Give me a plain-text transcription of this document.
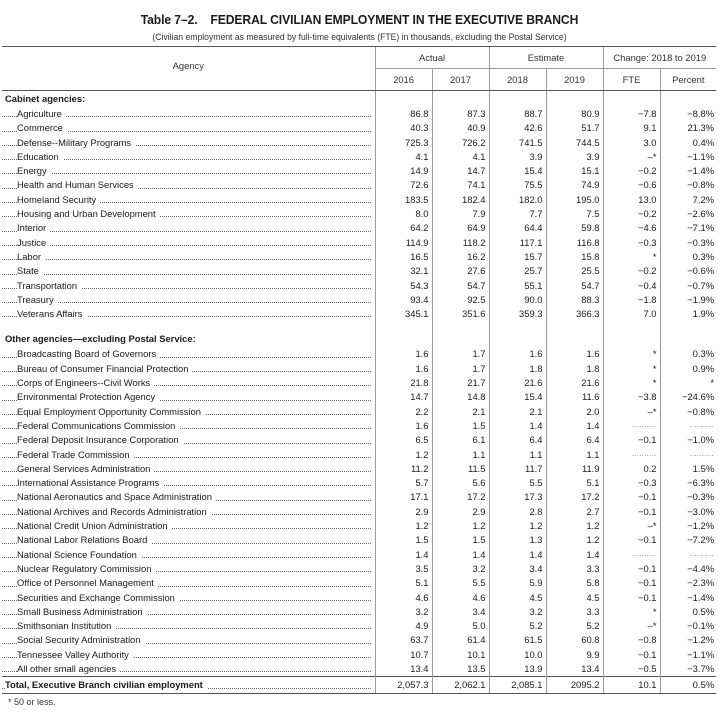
Table 7–2. FEDERAL CIVILIAN EMPLOYMENT IN THE EXECUTIVE BRANCH
(Civilian employment as measured by full-time equivalents (FTE) in thousands, excluding the Postal Service)
Agency	Actual		Estimate		Change: 2018 to 2019	
	2016	2017	2018	2019	FTE	Percent
Cabinet agencies:						

Agriculture	86.8	87.3	88.7	80.9	−7.8	−8.8%

Commerce	40.3	40.9	42.6	51.7	9.1	21.3%

Defense--Military Programs	725.3	726.2	741.5	744.5	3.0	0.4%

Education	4.1	4.1	3.9	3.9	–*	−1.1%

Energy	14.9	14.7	15.4	15.1	−0.2	−1.4%

Health and Human Services	72.6	74.1	75.5	74.9	−0.6	−0.8%

Homeland Security	183.5	182.4	182.0	195.0	13.0	7.2%

Housing and Urban Development	8.0	7.9	7.7	7.5	−0.2	−2.6%

Interior	64.2	64.9	64.4	59.8	−4.6	−7.1%

Justice	114.9	118.2	117.1	116.8	−0.3	−0.3%

Labor	16.5	16.2	15.7	15.8	*	0.3%

State	32.1	27.6	25.7	25.5	−0.2	−0.6%

Transportation	54.3	54.7	55.1	54.7	−0.4	−0.7%

Treasury	93.4	92.5	90.0	88.3	−1.8	−1.9%

Veterans Affairs	345.1	351.6	359.3	366.3	7.0	1.9%

Other agencies—excluding Postal Service:						

Broadcasting Board of Governors	1.6	1.7	1.6	1.6	*	0.3%

Bureau of Consumer Financial Protection	1.6	1.7	1.8	1.8	*	0.9%

Corps of Engineers--Civil Works	21.8	21.7	21.6	21.6	*	*

Environmental Protection Agency	14.7	14.8	15.4	11.6	−3.8	−24.6%

Equal Employment Opportunity Commission	2.2	2.1	2.1	2.0	–*	−0.8%

Federal Communications Commission	1.6	1.5	1.4	1.4	..........	..........

Federal Deposit Insurance Corporation	6.5	6.1	6.4	6.4	−0.1	−1.0%

Federal Trade Commission	1.2	1.1	1.1	1.1	..........	..........

General Services Administration	11.2	11.5	11.7	11.9	0.2	1.5%

International Assistance Programs	5.7	5.6	5.5	5.1	−0.3	−6.3%

National Aeronautics and Space Administration	17.1	17.2	17.3	17.2	−0.1	−0.3%

National Archives and Records Administration	2.9	2.9	2.8	2.7	−0.1	−3.0%

National Credit Union Administration	1.2	1.2	1.2	1.2	–*	−1.2%

National Labor Relations Board	1.5	1.5	1.3	1.2	−0.1	−7.2%

National Science Foundation	1.4	1.4	1.4	1.4	..........	..........

Nuclear Regulatory Commission	3.5	3.2	3.4	3.3	−0.1	−4.4%

Office of Personnel Management	5.1	5.5	5.9	5.8	−0.1	−2.3%

Securities and Exchange Commission	4.6	4.6	4.5	4.5	−0.1	−1.4%

Small Business Administration	3.2	3.4	3.2	3.3	*	0.5%

Smithsonian Institution	4.9	5.0	5.2	5.2	–*	−0.1%

Social Security Administration	63.7	61.4	61.5	60.8	−0.8	−1.2%

Tennessee Valley Authority	10.7	10.1	10.0	9.9	−0.1	−1.1%

All other small agencies	13.4	13.5	13.9	13.4	−0.5	−3.7%

Total, Executive Branch civilian employment	2,057.3	2,062.1	2,085.1	2095.2	10.1	0.5%
* 50 or less.
